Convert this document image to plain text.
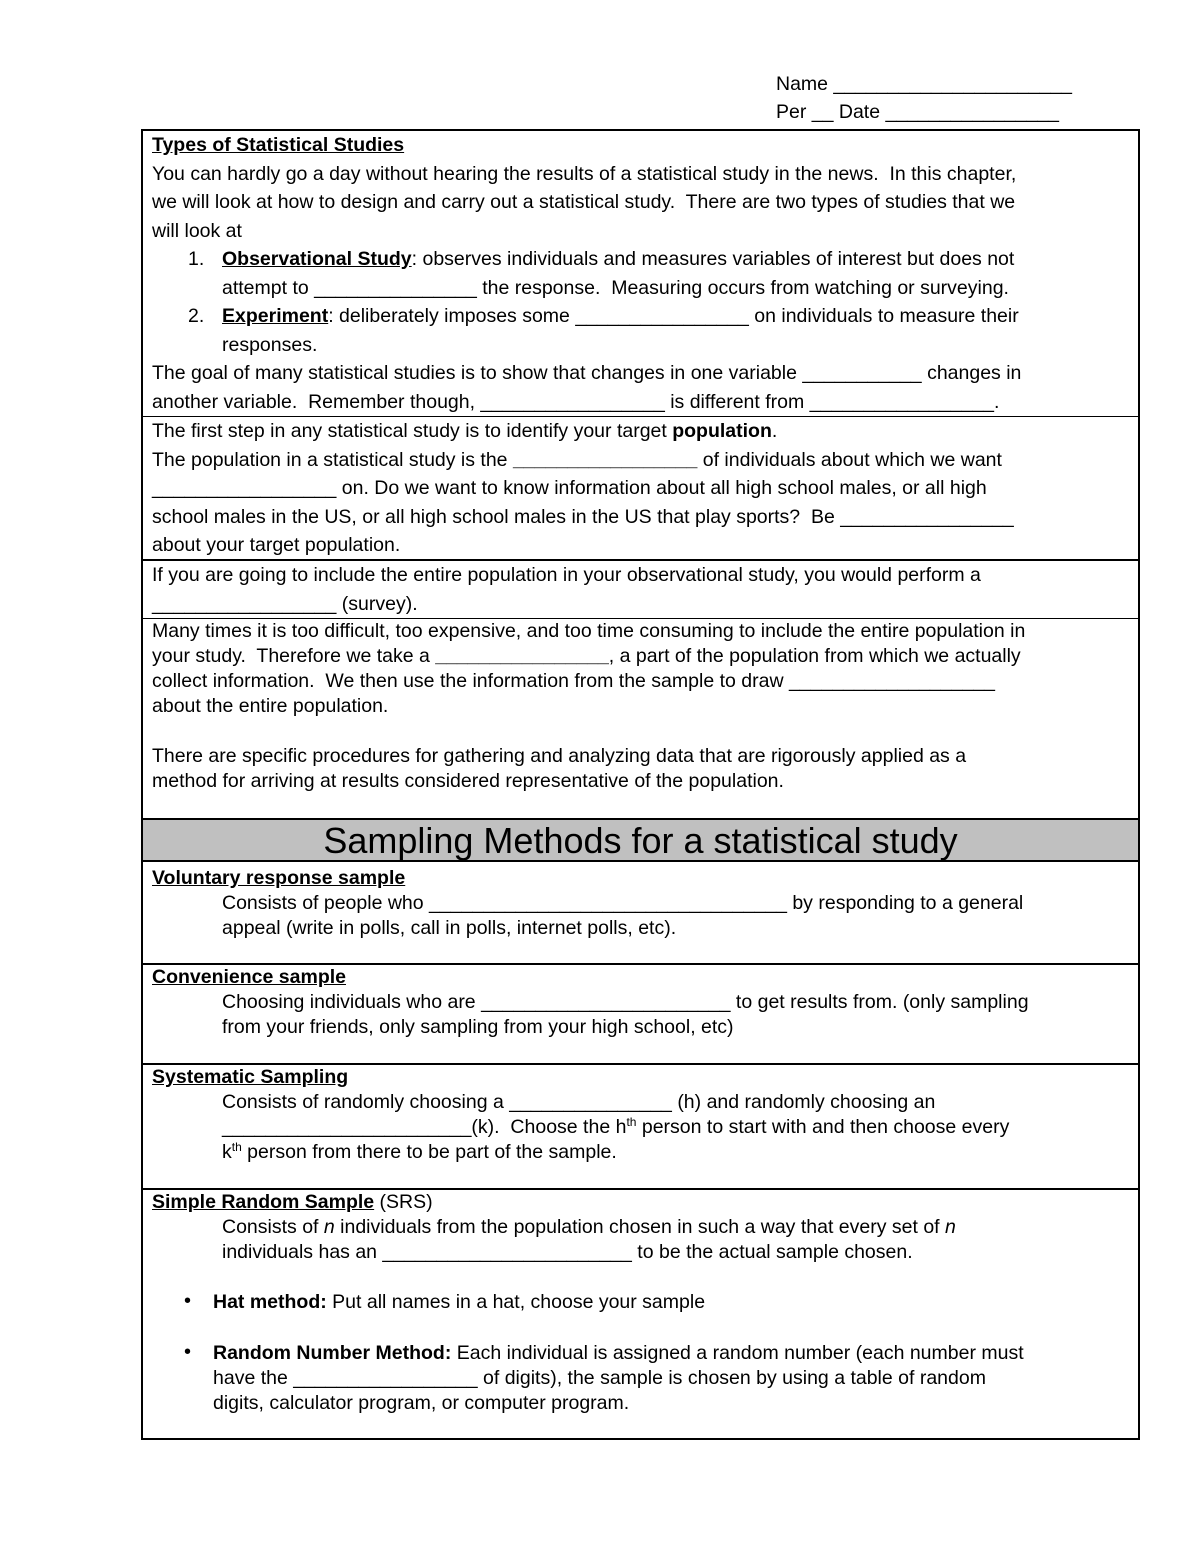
Name ______________________
Per __ Date ________________
Types of Statistical Studies
You can hardly go a day without hearing the results of a statistical study in the news.  In this chapter,
we will look at how to design and carry out a statistical study.  There are two types of studies that we
will look at
1. Observational Study: observes individuals and measures variables of interest but does not
attempt to _______________ the response.  Measuring occurs from watching or surveying.
2. Experiment: deliberately imposes some ________________ on individuals to measure their
responses.
The goal of many statistical studies is to show that changes in one variable ___________ changes in
another variable.  Remember though, _________________ is different from _________________.
The first step in any statistical study is to identify your target population.
The population in a statistical study is the _________________ of individuals about which we want
_________________ on. Do we want to know information about all high school males, or all high
school males in the US, or all high school males in the US that play sports?  Be ________________
about your target population.
If you are going to include the entire population in your observational study, you would perform a
_________________ (survey).
Many times it is too difficult, too expensive, and too time consuming to include the entire population in
your study.  Therefore we take a ________________, a part of the population from which we actually
collect information.  We then use the information from the sample to draw ___________________
about the entire population.
There are specific procedures for gathering and analyzing data that are rigorously applied as a
method for arriving at results considered representative of the population.
Sampling Methods for a statistical study
Voluntary response sample
Consists of people who _________________________________ by responding to a general
appeal (write in polls, call in polls, internet polls, etc).
Convenience sample
Choosing individuals who are _______________________ to get results from. (only sampling
from your friends, only sampling from your high school, etc)
Systematic Sampling
Consists of randomly choosing a _______________ (h) and randomly choosing an
_______________________(k).  Choose the $h^{th}$ person to start with and then choose every
$k^{th}$ person from there to be part of the sample.
Simple Random Sample (SRS)
Consists of n individuals from the population chosen in such a way that every set of n
individuals has an _______________________ to be the actual sample chosen.
•	Hat method: Put all names in a hat, choose your sample
•	Random Number Method: Each individual is assigned a random number (each number must
have the _________________ of digits), the sample is chosen by using a table of random
digits, calculator program, or computer program.
